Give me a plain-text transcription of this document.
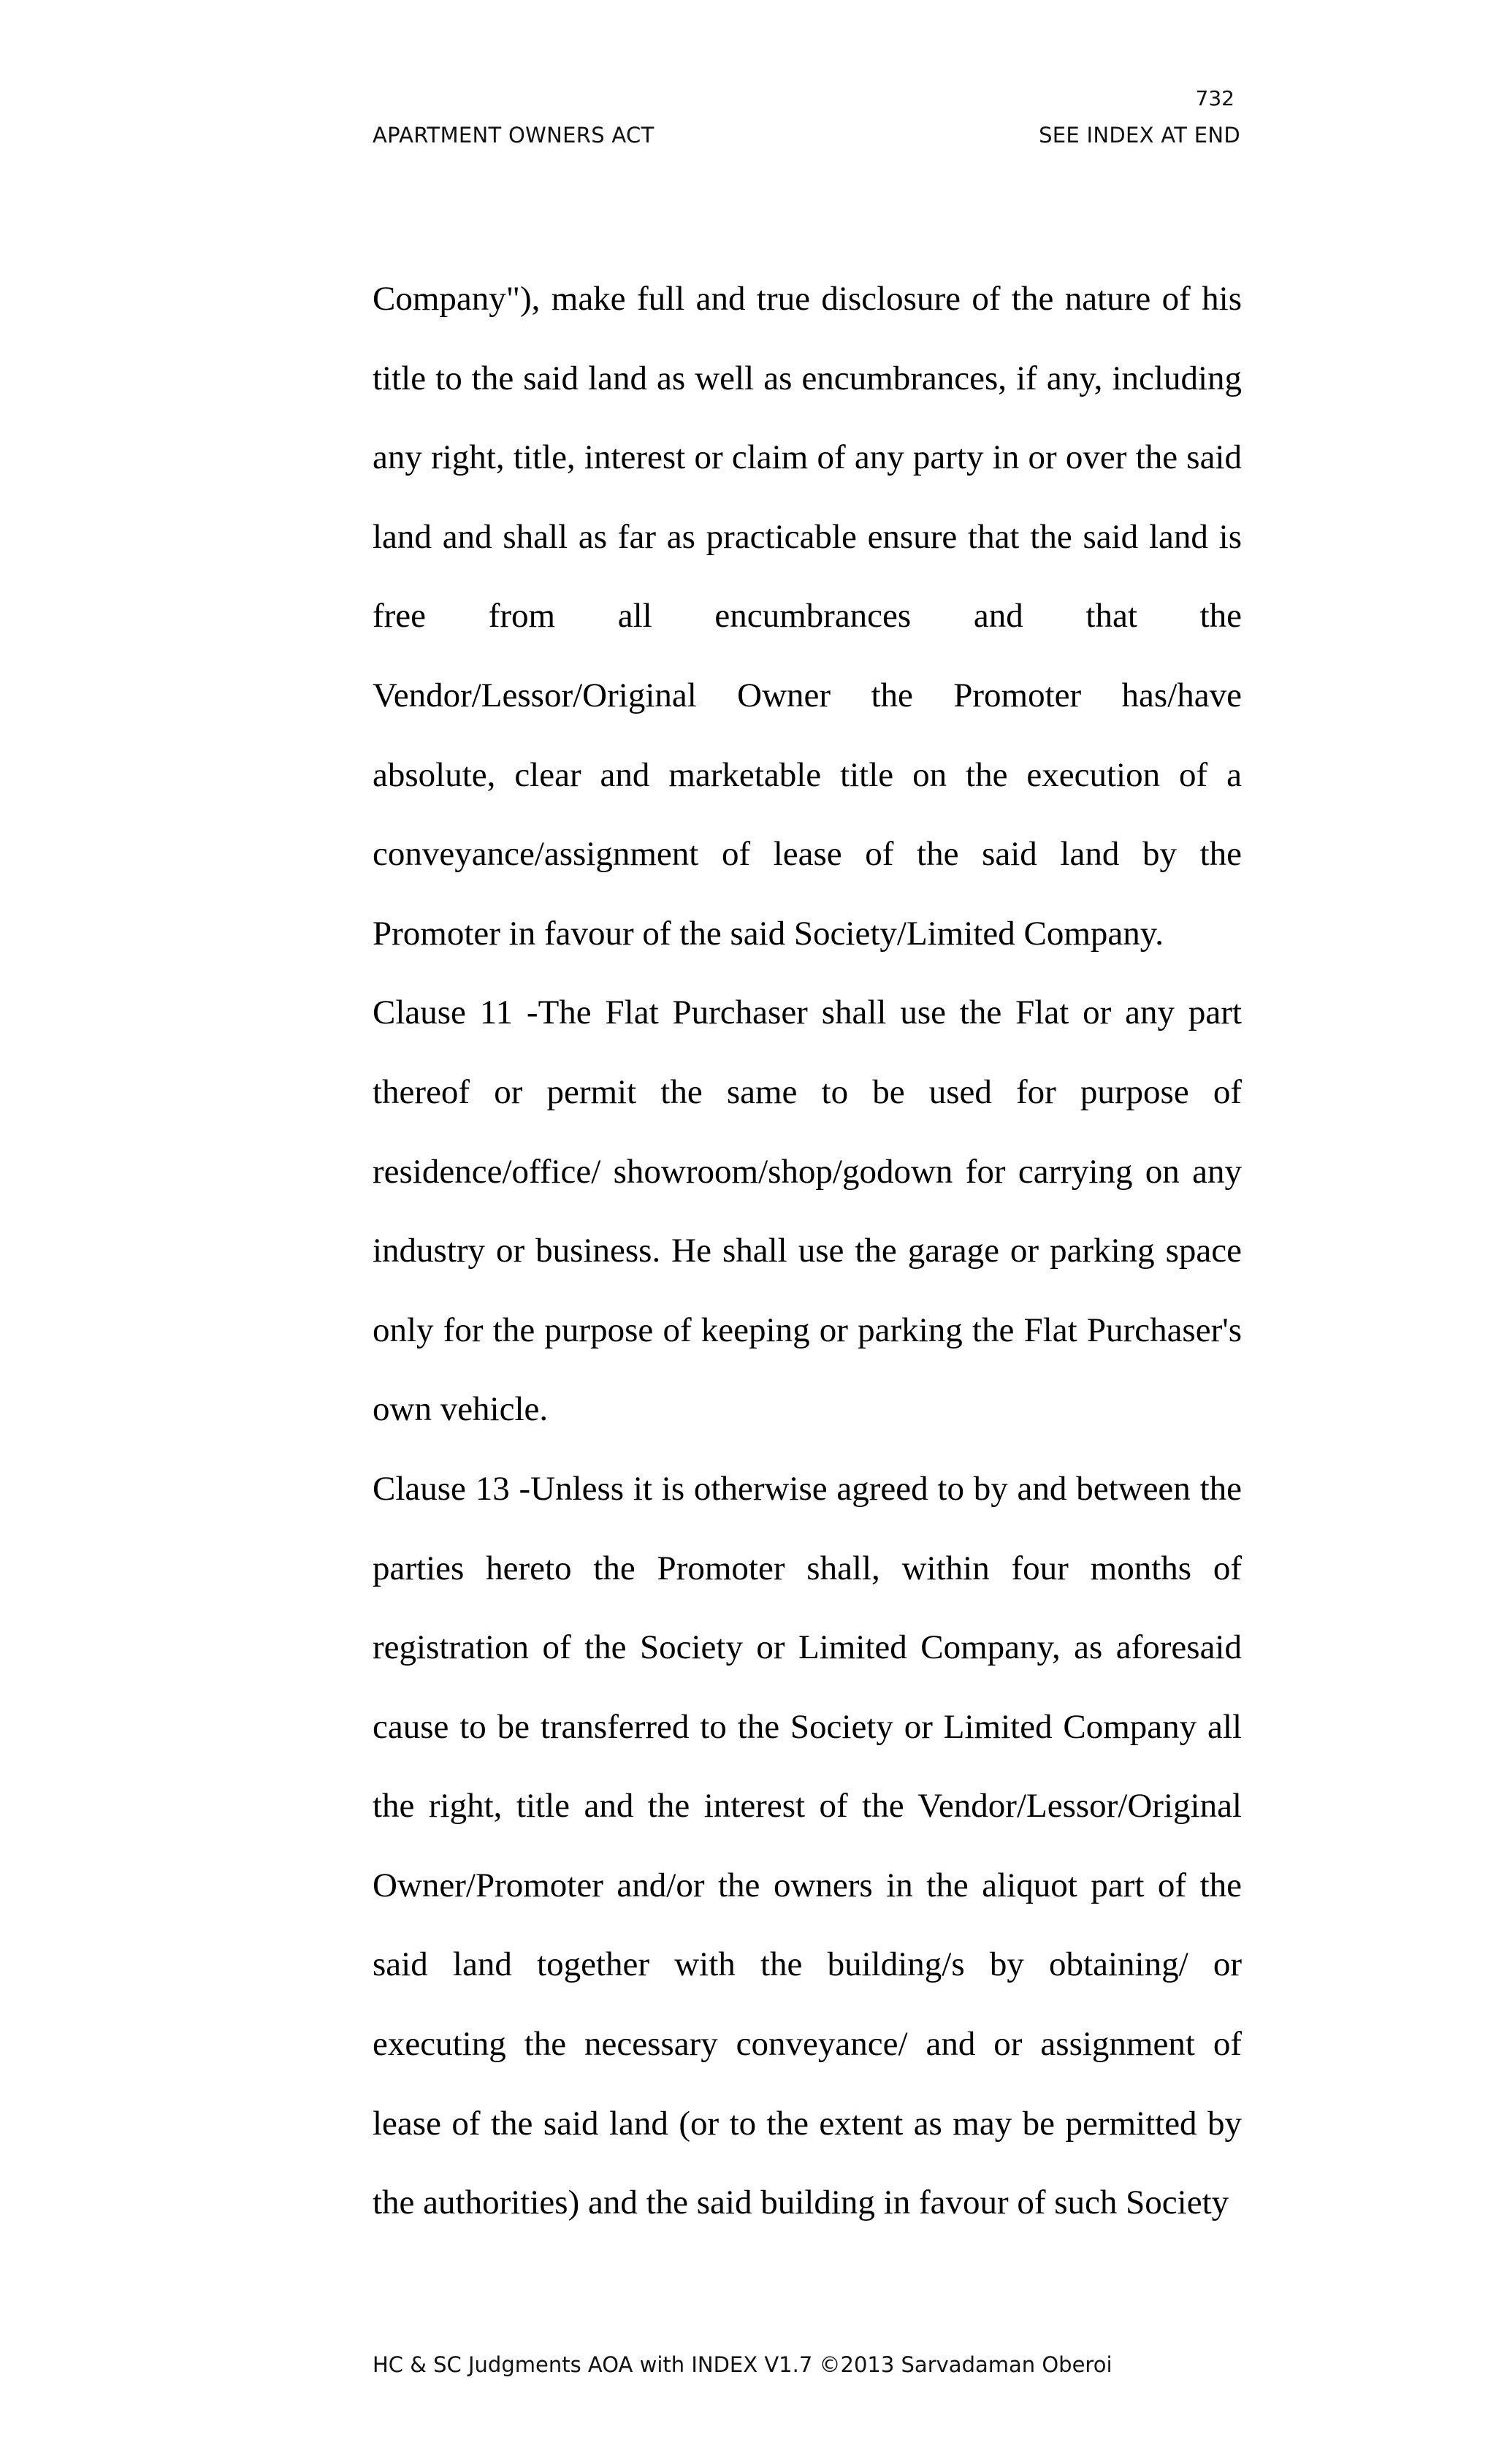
732
APARTMENT OWNERS ACT	SEE INDEX AT END

Company"), make full and true disclosure of the nature of his title to the said land as well as encumbrances, if any, including any right, title, interest or claim of any party in or over the said land and shall as far as practicable ensure that the said land is free from all encumbrances and that the Vendor/Lessor/Original Owner the Promoter has/have absolute, clear and marketable title on the execution of a conveyance/assignment of lease of the said land by the Promoter in favour of the said Society/Limited Company.

Clause 11 -The Flat Purchaser shall use the Flat or any part thereof or permit the same to be used for purpose of residence/office/ showroom/shop/godown for carrying on any industry or business. He shall use the garage or parking space only for the purpose of keeping or parking the Flat Purchaser's own vehicle.

Clause 13 -Unless it is otherwise agreed to by and between the parties hereto the Promoter shall, within four months of registration of the Society or Limited Company, as aforesaid cause to be transferred to the Society or Limited Company all the right, title and the interest of the Vendor/Lessor/Original Owner/Promoter and/or the owners in the aliquot part of the said land together with the building/s by obtaining/ or executing the necessary conveyance/ and or assignment of lease of the said land (or to the extent as may be permitted by the authorities) and the said building in favour of such Society

HC & SC Judgments AOA with INDEX V1.7 ©2013 Sarvadaman Oberoi
